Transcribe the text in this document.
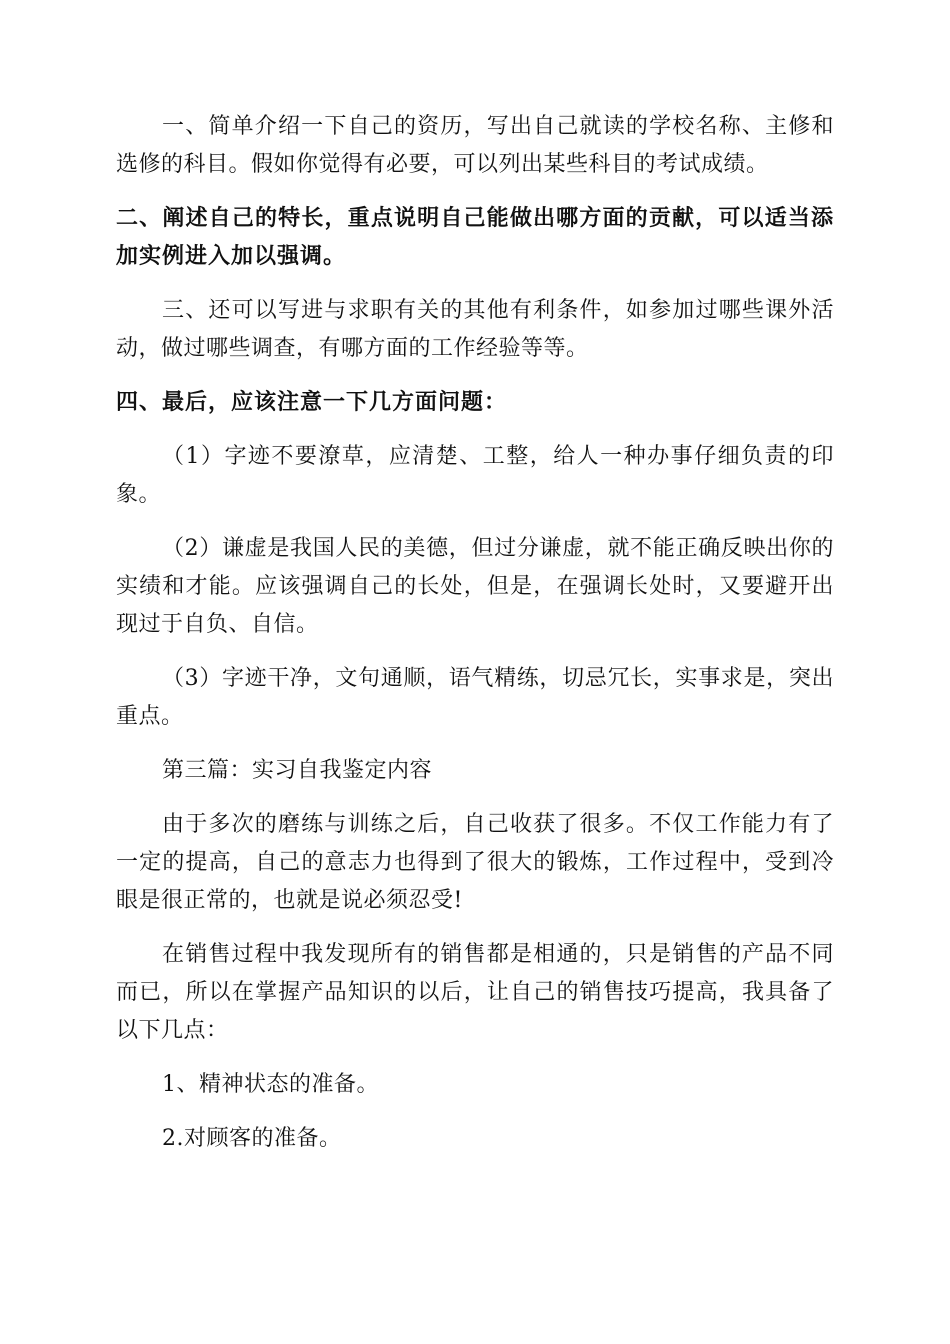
一、简单介绍一下自己的资历，写出自己就读的学校名称、主修和选修的科目。假如你觉得有必要，可以列出某些科目的考试成绩。

二、阐述自己的特长，重点说明自己能做出哪方面的贡献，可以适当添加实例进入加以强调。

三、还可以写进与求职有关的其他有利条件，如参加过哪些课外活动，做过哪些调查，有哪方面的工作经验等等。

四、最后，应该注意一下几方面问题：

（1）字迹不要潦草，应清楚、工整，给人一种办事仔细负责的印象。

（2）谦虚是我国人民的美德，但过分谦虚，就不能正确反映出你的实绩和才能。应该强调自己的长处，但是，在强调长处时，又要避开出现过于自负、自信。

（3）字迹干净，文句通顺，语气精练，切忌冗长，实事求是，突出重点。

第三篇：实习自我鉴定内容

由于多次的磨练与训练之后，自己收获了很多。不仅工作能力有了一定的提高，自己的意志力也得到了很大的锻炼，工作过程中，受到冷眼是很正常的，也就是说必须忍受!

在销售过程中我发现所有的销售都是相通的，只是销售的产品不同而已，所以在掌握产品知识的以后，让自己的销售技巧提高，我具备了以下几点：

1、精神状态的准备。

2.对顾客的准备。
